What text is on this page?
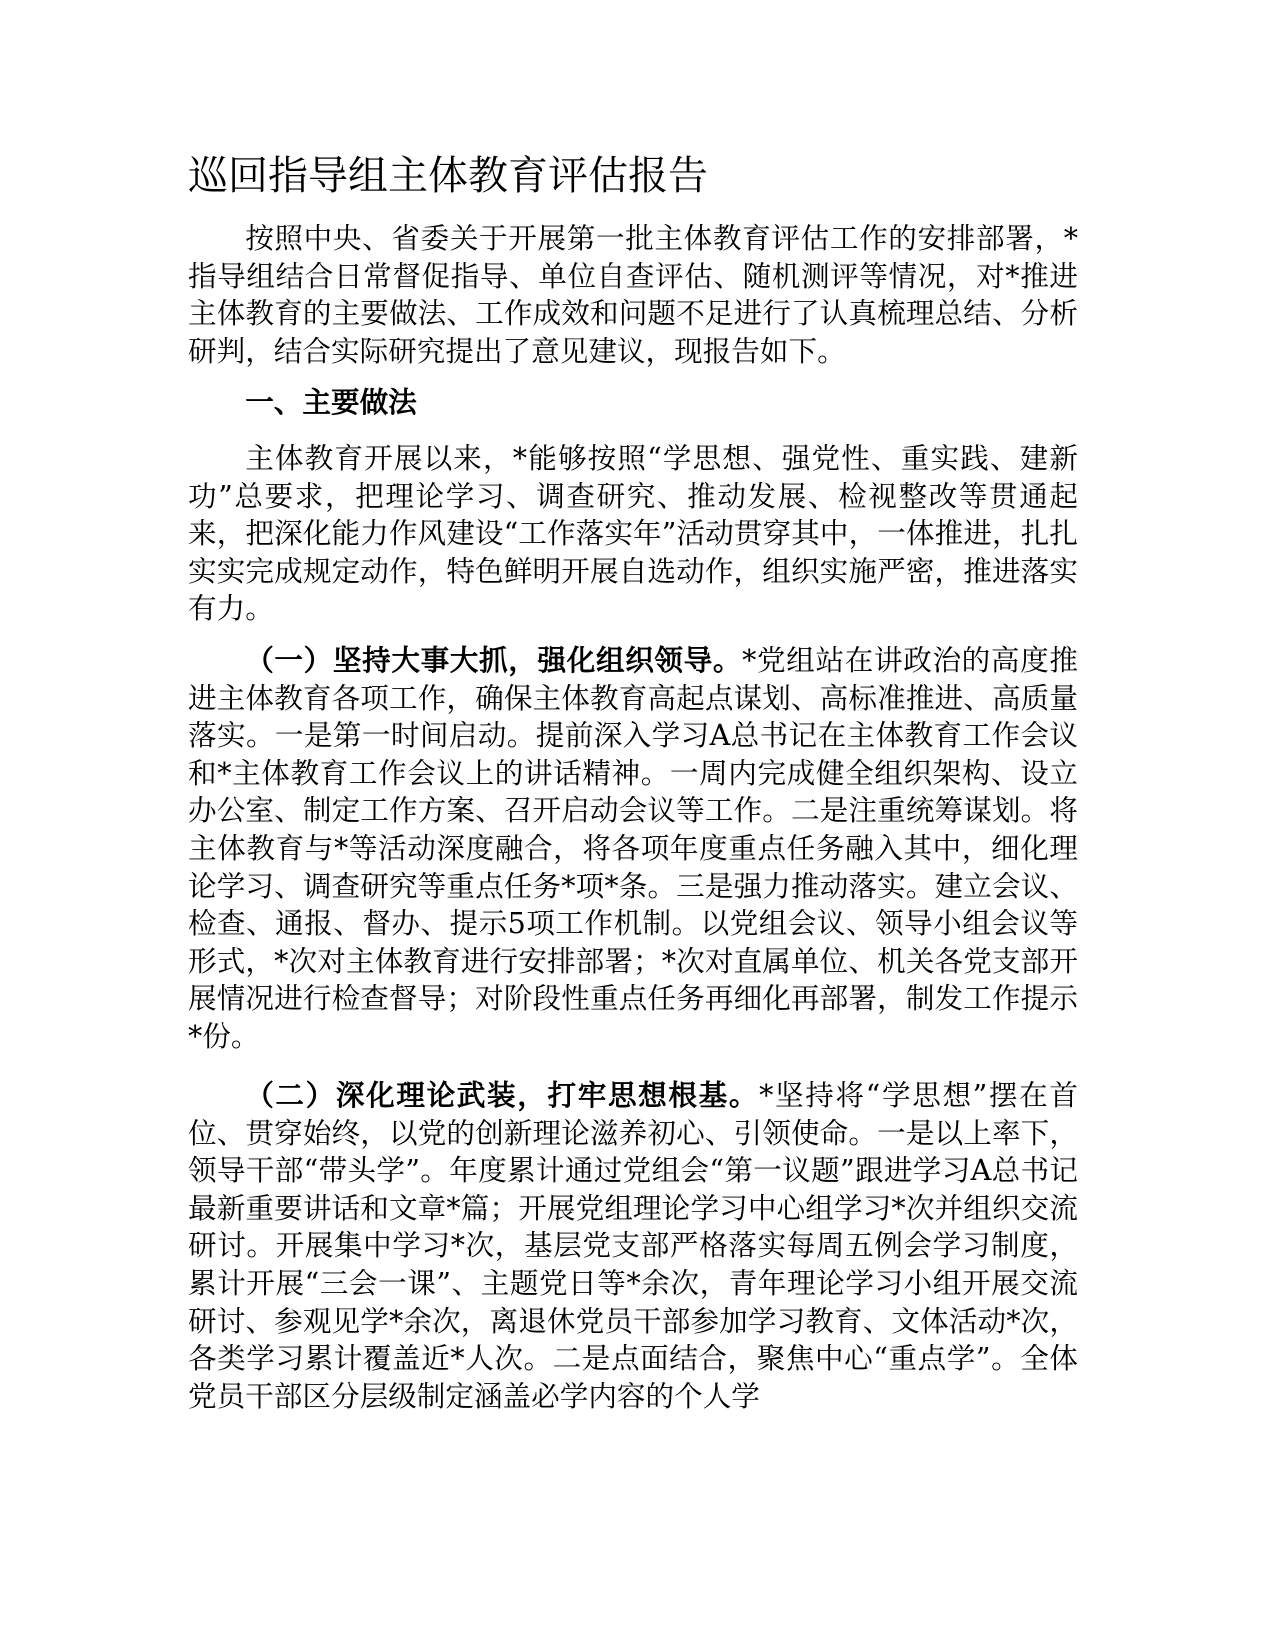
巡回指导组主体教育评估报告

按照中央、省委关于开展第一批主体教育评估工作的安排部署，*指导组结合日常督促指导、单位自查评估、随机测评等情况，对*推进主体教育的主要做法、工作成效和问题不足进行了认真梳理总结、分析研判，结合实际研究提出了意见建议，现报告如下。

一、主要做法

主体教育开展以来，*能够按照“学思想、强党性、重实践、建新功”总要求，把理论学习、调查研究、推动发展、检视整改等贯通起来，把深化能力作风建设“工作落实年”活动贯穿其中，一体推进，扎扎实实完成规定动作，特色鲜明开展自选动作，组织实施严密，推进落实有力。

（一）坚持大事大抓，强化组织领导。*党组站在讲政治的高度推进主体教育各项工作，确保主体教育高起点谋划、高标准推进、高质量落实。一是第一时间启动。提前深入学习A总书记在主体教育工作会议和*主体教育工作会议上的讲话精神。一周内完成健全组织架构、设立办公室、制定工作方案、召开启动会议等工作。二是注重统筹谋划。将主体教育与*等活动深度融合，将各项年度重点任务融入其中，细化理论学习、调查研究等重点任务*项*条。三是强力推动落实。建立会议、检查、通报、督办、提示5项工作机制。以党组会议、领导小组会议等形式，*次对主体教育进行安排部署；*次对直属单位、机关各党支部开展情况进行检查督导；对阶段性重点任务再细化再部署，制发工作提示*份。

（二）深化理论武装，打牢思想根基。*坚持将“学思想”摆在首位、贯穿始终，以党的创新理论滋养初心、引领使命。一是以上率下，领导干部“带头学”。年度累计通过党组会“第一议题”跟进学习A总书记最新重要讲话和文章*篇；开展党组理论学习中心组学习*次并组织交流研讨。开展集中学习*次，基层党支部严格落实每周五例会学习制度，累计开展“三会一课”、主题党日等*余次，青年理论学习小组开展交流研讨、参观见学*余次，离退休党员干部参加学习教育、文体活动*次，各类学习累计覆盖近*人次。二是点面结合，聚焦中心“重点学”。全体党员干部区分层级制定涵盖必学内容的个人学
